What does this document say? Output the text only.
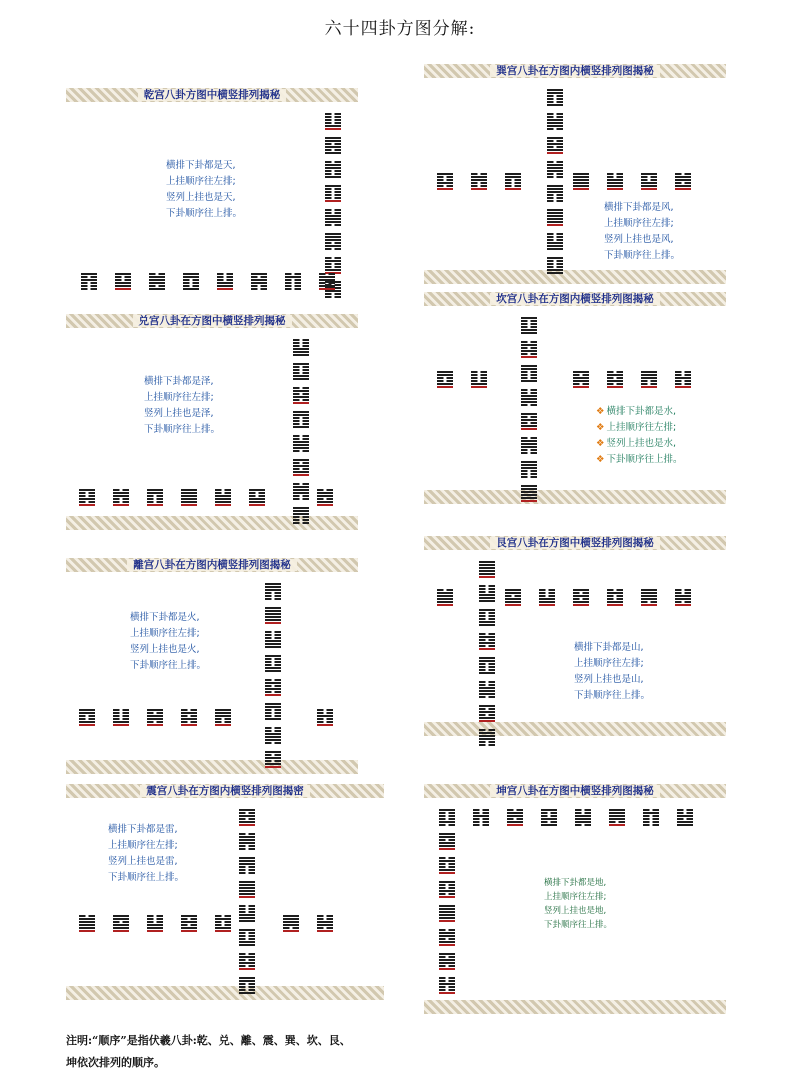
六十四卦方图分解:
乾宫八卦方图中横竖排列揭秘
横排下卦都是天,
上挂顺序往左排;
竖列上挂也是天,
下卦顺序往上排。
兑宫八卦在方图中横竖排列揭秘
横排下卦都是泽,
上挂顺序往左排;
竖列上挂也是泽,
下卦顺序往上排。
離宫八卦在方图内横竖排列图揭秘
横排下卦都是火,
上挂顺序往左排;
竖列上挂也是火,
下卦顺序往上排。
震宫八卦在方图内横竖排列图揭密
横排下卦都是雷,
上挂顺序往左排;
竖列上挂也是雷,
下卦顺序往上排。
巽宫八卦在方图内横竖排列图揭秘
横排下卦都是风,
上挂顺序往左排;
竖列上挂也是风,
下卦顺序往上排。
坎宫八卦在方图内横竖排列图揭秘
❖ 横排下卦都是水,
❖ 上挂顺序往左排;
❖ 竖列上挂也是水,
❖ 下卦顺序往上排。
艮宫八卦在方图中横竖排列图揭秘
横排下卦都是山,
上挂顺序往左排;
竖列上挂也是山,
下卦顺序往上排。
坤宫八卦在方图中横竖排列图揭秘
横排下卦都是地,
上挂顺序往左排;
竖列上挂也是地,
下卦顺序往上排。
注明:“顺序”是指伏羲八卦:乾、兑、離、震、巽、坎、艮、
坤依次排列的顺序。
